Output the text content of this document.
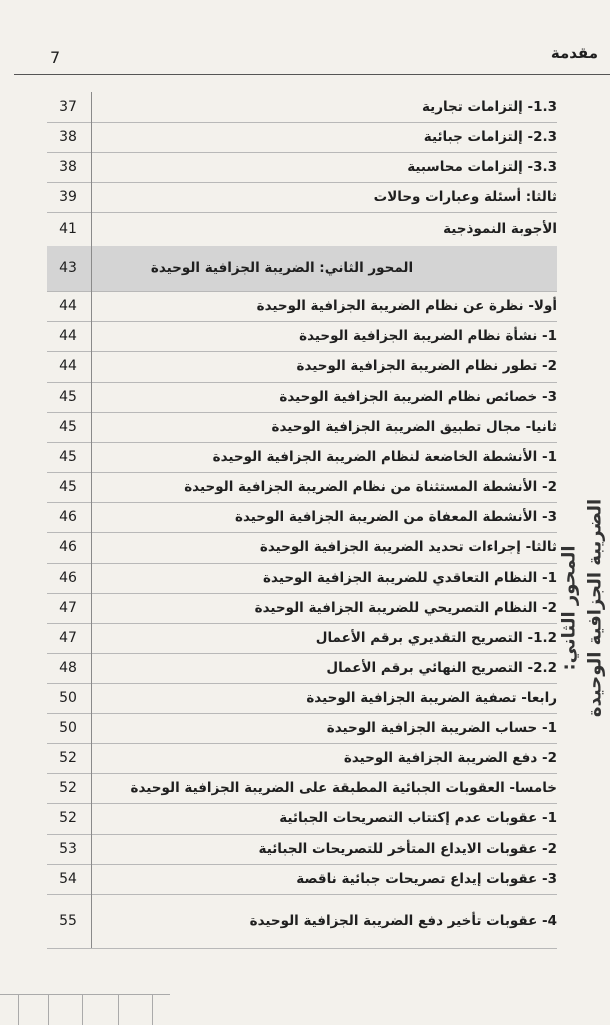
مقدمة
7
37	1.3- إلتزامات تجارية
38	2.3- إلتزامات جبائية
38	3.3- إلتزامات محاسبية
39	ثالثا: أسئلة وعبارات وحالات
41	الأجوبة النموذجية
43	المحور الثاني: الضريبة الجزافية الوحيدة
44	أولا- نظرة عن نظام الضريبة الجزافية الوحيدة
44	1- نشأة نظام الضريبة الجزافية الوحيدة
44	2- تطور نظام الضريبة الجزافية الوحيدة
45	3- خصائص نظام الضريبة الجزافية الوحيدة
45	ثانيا- مجال تطبيق الضريبة الجزافية الوحيدة
45	1- الأنشطة الخاضعة لنظام الضريبة الجزافية الوحيدة
45	2- الأنشطة المستثناة من نظام الضريبة الجزافية الوحيدة
46	3- الأنشطة المعفاة من الضريبة الجزافية الوحيدة
46	ثالثا- إجراءات تحديد الضريبة الجزافية الوحيدة
46	1- النظام التعاقدي للضريبة الجزافية الوحيدة
47	2- النظام التصريحي للضريبة الجزافية الوحيدة
47	1.2- التصريح التقديري برقم الأعمال
48	2.2- التصريح النهائي برقم الأعمال
50	رابعا- تصفية الضريبة الجزافية الوحيدة
50	1- حساب الضريبة الجزافية الوحيدة
52	2- دفع الضريبة الجزافية الوحيدة
52	خامسا- العقوبات الجبائية المطبقة على الضريبة الجزافية الوحيدة
52	1- عقوبات عدم إكتتاب التصريحات الجبائية
53	2- عقوبات الايداع المتأخر للتصريحات الجبائية
54	3- عقوبات إيداع تصريحات جبائية ناقصة
55	4- عقوبات تأخير دفع الضريبة الجزافية الوحيدة
المحور الثاني: الضريبة الجزافية الوحيدة
